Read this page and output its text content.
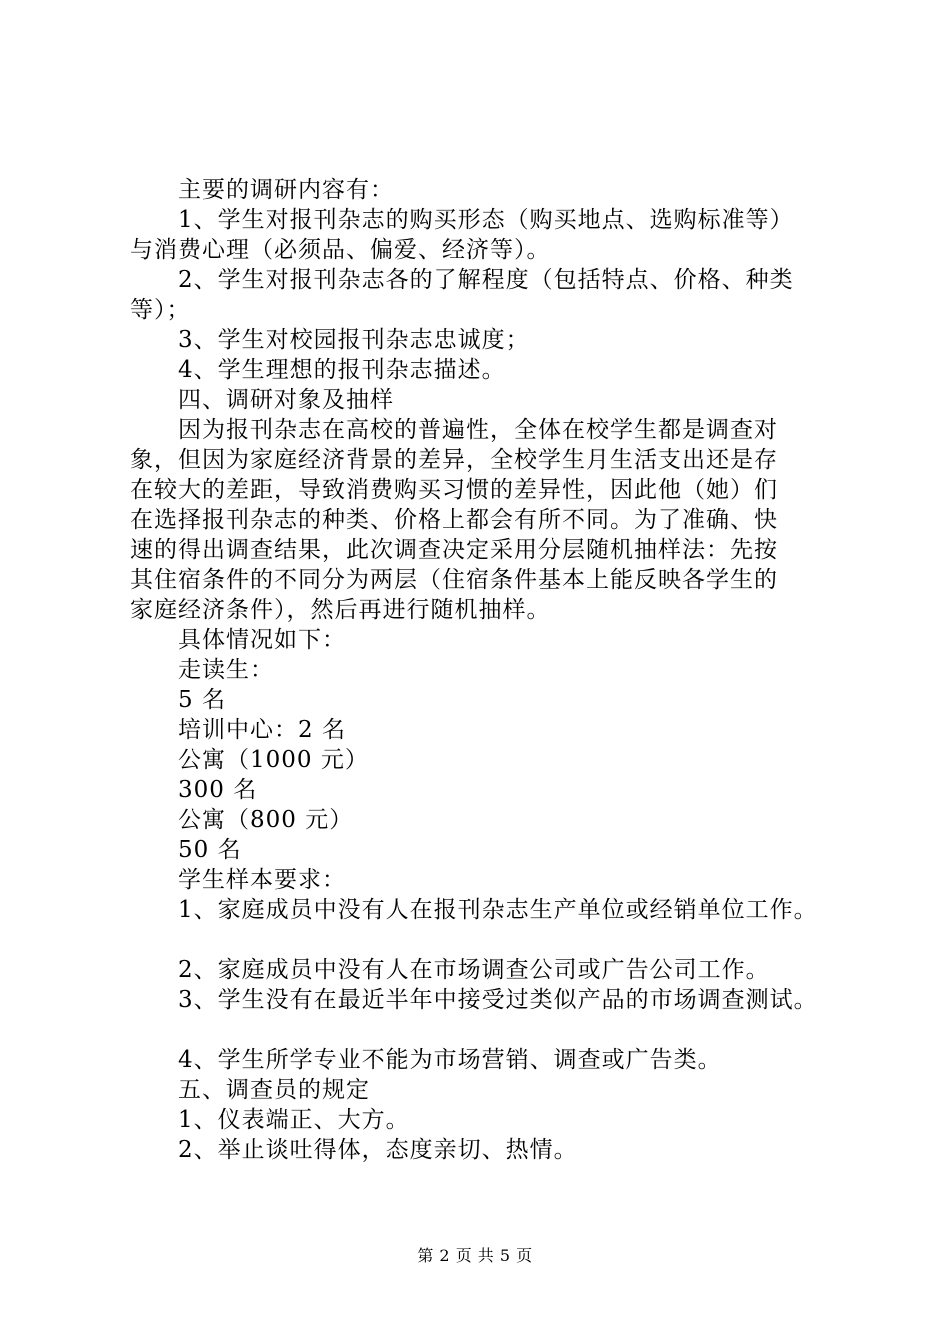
主要的调研内容有：
1、学生对报刊杂志的购买形态（购买地点、选购标准等）
与消费心理（必须品、偏爱、经济等）。
2、学生对报刊杂志各的了解程度（包括特点、价格、种类
等）；
3、学生对校园报刊杂志忠诚度；
4、学生理想的报刊杂志描述。
四、调研对象及抽样
因为报刊杂志在高校的普遍性，全体在校学生都是调查对
象，但因为家庭经济背景的差异，全校学生月生活支出还是存
在较大的差距，导致消费购买习惯的差异性，因此他（她）们
在选择报刊杂志的种类、价格上都会有所不同。为了准确、快
速的得出调查结果，此次调查决定采用分层随机抽样法：先按
其住宿条件的不同分为两层（住宿条件基本上能反映各学生的
家庭经济条件），然后再进行随机抽样。
具体情况如下：
走读生：
5 名
培训中心：2 名
公寓（1000 元）
300 名
公寓（800 元）
50 名
学生样本要求：
1、家庭成员中没有人在报刊杂志生产单位或经销单位工作。
2、家庭成员中没有人在市场调查公司或广告公司工作。
3、学生没有在最近半年中接受过类似产品的市场调查测试。
4、学生所学专业不能为市场营销、调查或广告类。
五、调查员的规定
1、仪表端正、大方。
2、举止谈吐得体，态度亲切、热情。
第 2 页 共 5 页
